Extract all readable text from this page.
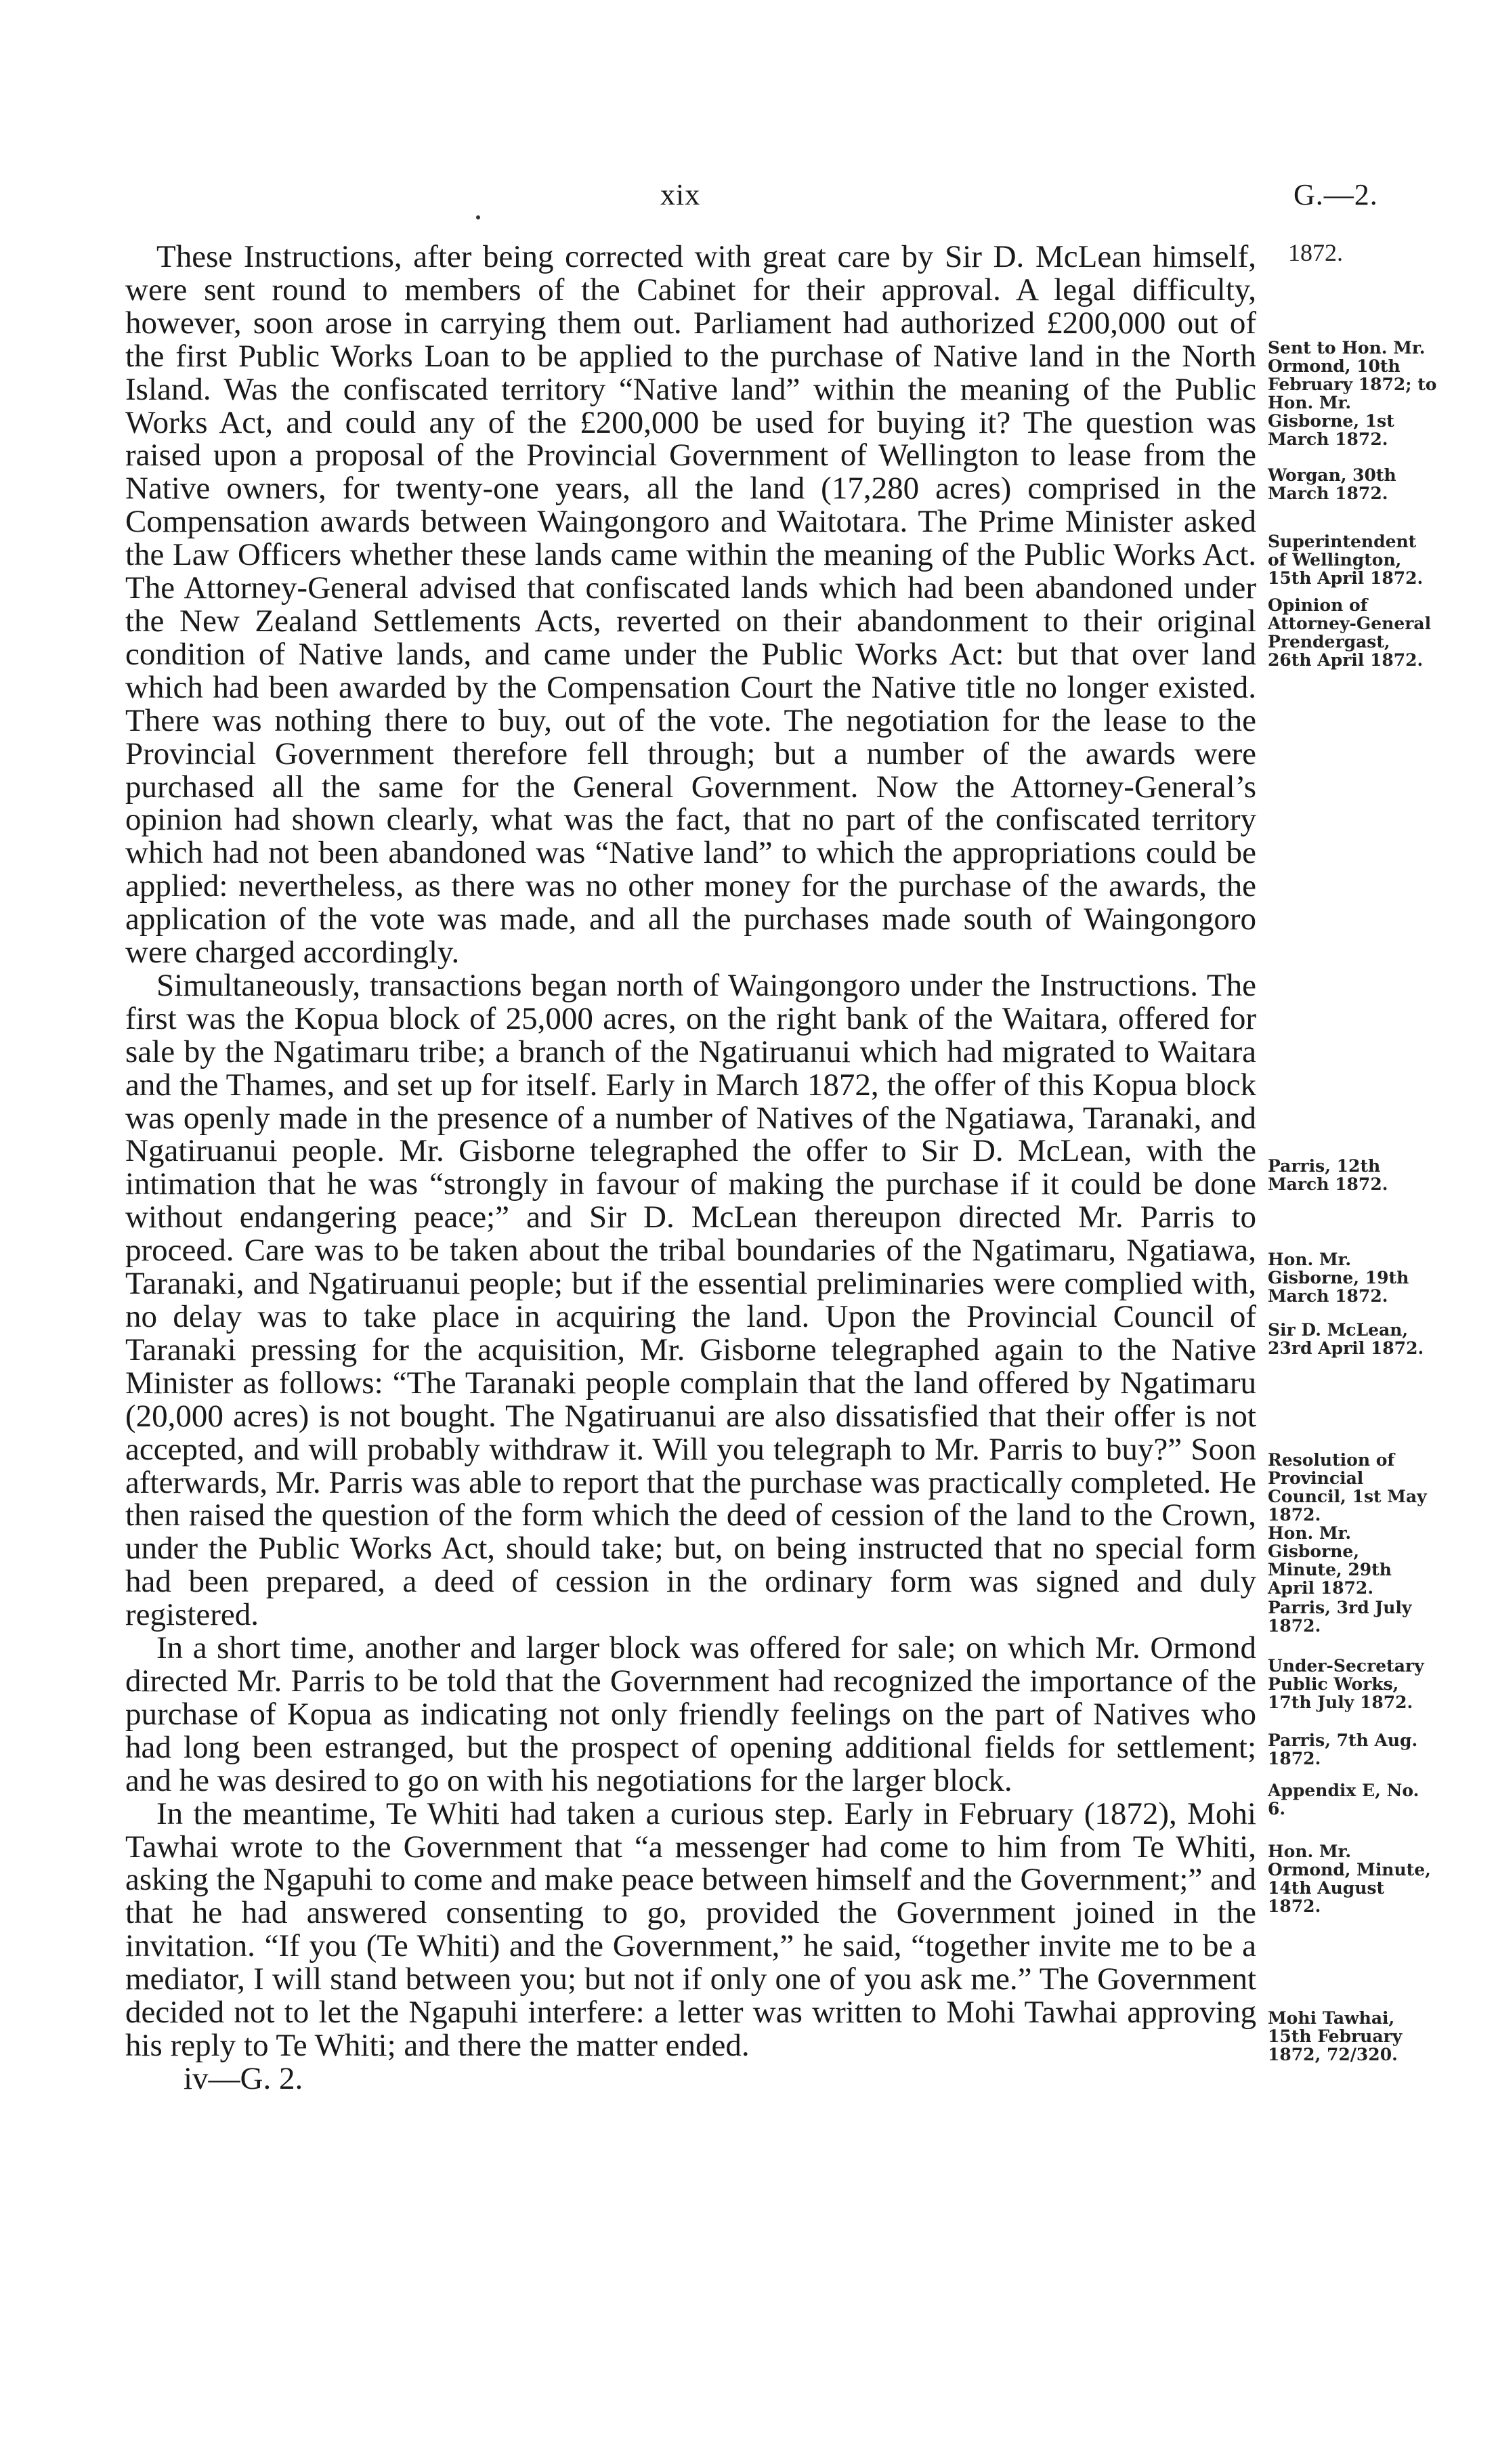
xix	G.—2.

These Instructions, after being corrected with great care by Sir D. McLean himself, were sent round to members of the Cabinet for their approval. A legal difficulty, however, soon arose in carrying them out. Parliament had authorized £200,000 out of the first Public Works Loan to be applied to the purchase of Native land in the North Island. Was the confiscated territory “Native land” within the meaning of the Public Works Act, and could any of the £200,000 be used for buying it? The question was raised upon a proposal of the Provincial Government of Wellington to lease from the Native owners, for twenty-one years, all the land (17,280 acres) comprised in the Compensation awards between Waingongoro and Waitotara. The Prime Minister asked the Law Officers whether these lands came within the meaning of the Public Works Act. The Attorney-General advised that confiscated lands which had been abandoned under the New Zealand Settlements Acts, reverted on their abandonment to their original condition of Native lands, and came under the Public Works Act: but that over land which had been awarded by the Compensation Court the Native title no longer existed. There was nothing there to buy, out of the vote. The negotiation for the lease to the Provincial Government therefore fell through; but a number of the awards were purchased all the same for the General Government. Now the Attorney-General’s opinion had shown clearly, what was the fact, that no part of the confiscated territory which had not been abandoned was “Native land” to which the appropriations could be applied: nevertheless, as there was no other money for the purchase of the awards, the application of the vote was made, and all the purchases made south of Waingongoro were charged accordingly.

Simultaneously, transactions began north of Waingongoro under the Instructions. The first was the Kopua block of 25,000 acres, on the right bank of the Waitara, offered for sale by the Ngatimaru tribe; a branch of the Ngatiruanui which had migrated to Waitara and the Thames, and set up for itself. Early in March 1872, the offer of this Kopua block was openly made in the presence of a number of Natives of the Ngatiawa, Taranaki, and Ngatiruanui people. Mr. Gisborne telegraphed the offer to Sir D. McLean, with the intimation that he was “strongly in favour of making the purchase if it could be done without endangering peace;” and Sir D. McLean thereupon directed Mr. Parris to proceed. Care was to be taken about the tribal boundaries of the Ngatimaru, Ngatiawa, Taranaki, and Ngatiruanui people; but if the essential preliminaries were complied with, no delay was to take place in acquiring the land. Upon the Provincial Council of Taranaki pressing for the acquisition, Mr. Gisborne telegraphed again to the Native Minister as follows: “The Taranaki people complain that the land offered by Ngatimaru (20,000 acres) is not bought. The Ngatiruanui are also dissatisfied that their offer is not accepted, and will probably withdraw it. Will you telegraph to Mr. Parris to buy?” Soon afterwards, Mr. Parris was able to report that the purchase was practically completed. He then raised the question of the form which the deed of cession of the land to the Crown, under the Public Works Act, should take; but, on being instructed that no special form had been prepared, a deed of cession in the ordinary form was signed and duly registered.

In a short time, another and larger block was offered for sale; on which Mr. Ormond directed Mr. Parris to be told that the Government had recognized the importance of the purchase of Kopua as indicating not only friendly feelings on the part of Natives who had long been estranged, but the prospect of opening additional fields for settlement; and he was desired to go on with his negotiations for the larger block.

In the meantime, Te Whiti had taken a curious step. Early in February (1872), Mohi Tawhai wrote to the Government that “a messenger had come to him from Te Whiti, asking the Ngapuhi to come and make peace between himself and the Government;” and that he had answered consenting to go, provided the Government joined in the invitation. “If you (Te Whiti) and the Government,” he said, “together invite me to be a mediator, I will stand between you; but not if only one of you ask me.” The Government decided not to let the Ngapuhi interfere: a letter was written to Mohi Tawhai approving his reply to Te Whiti; and there the matter ended.

iv—G. 2.

1872.
Sent to Hon. Mr. Ormond, 10th February 1872; to Hon. Mr. Gisborne, 1st March 1872.
Worgan, 30th March 1872.
Superintendent of Wellington, 15th April 1872.
Opinion of Attorney-General Prendergast, 26th April 1872.
Parris, 12th March 1872.
Hon. Mr. Gisborne, 19th March 1872.
Sir D. McLean, 23rd April 1872.
Resolution of Provincial Council, 1st May 1872.
Hon. Mr. Gisborne, Minute, 29th April 1872.
Parris, 3rd July 1872.
Under-Secretary Public Works, 17th July 1872.
Parris, 7th Aug. 1872.
Appendix E, No. 6.
Hon. Mr. Ormond, Minute, 14th August 1872.
Mohi Tawhai, 15th February 1872, 72/320.
